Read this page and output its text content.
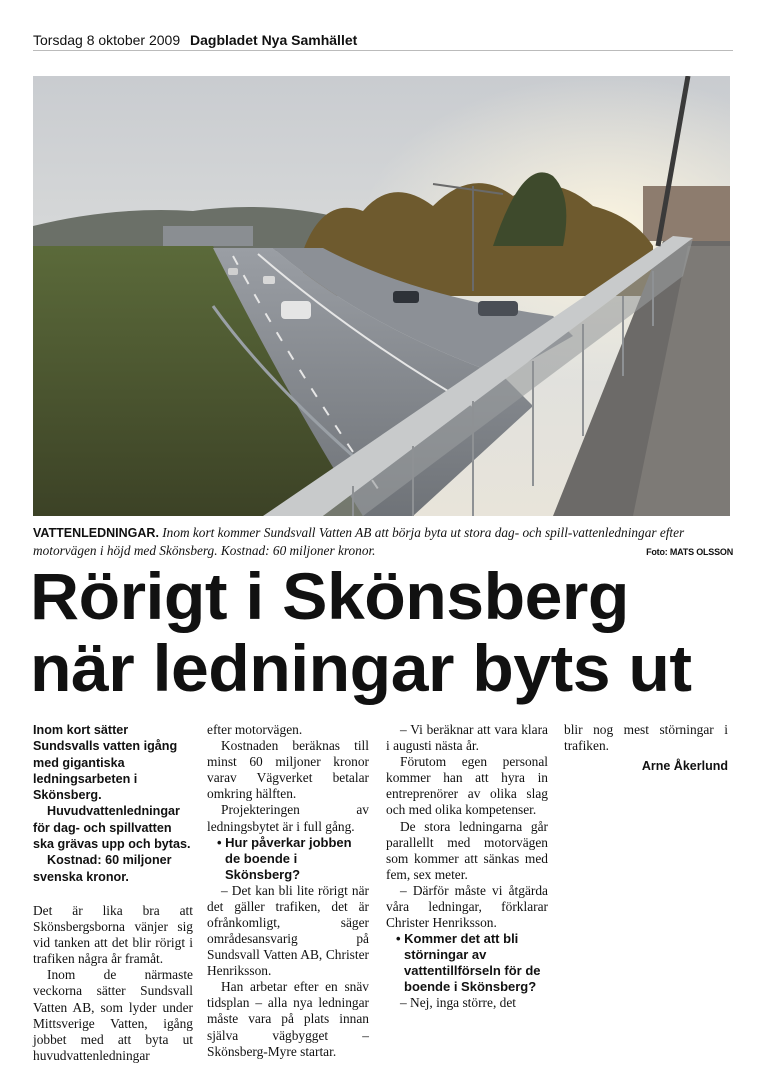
Torsdag 8 oktober 2009 Dagbladet Nya Samhället
VATTENLEDNINGAR. Inom kort kommer Sundsvall Vatten AB att börja byta ut stora dag- och spill-vattenledningar efter motorvägen i höjd med Skönsberg. Kostnad: 60 miljoner kronor.	Foto: MATS OLSSON
Rörigt i Skönsberg
när ledningar byts ut

Inom kort sätter Sundsvalls vatten igång med gigantiska ledningsarbeten i Skönsberg.

Huvudvattenledningar för dag- och spillvatten ska grävas upp och bytas.

Kostnad: 60 miljoner svenska kronor.

Det är lika bra att Skönsbergsborna vänjer sig vid tanken att det blir rörigt i trafiken några år framåt.

Inom de närmaste veckorna sätter Sundsvall Vatten AB, som lyder under Mittsverige Vatten, igång jobbet med att byta ut huvudvattenledningar

efter motorvägen.

Kostnaden beräknas till minst 60 miljoner kronor varav Vägverket betalar omkring hälften.

Projekteringen av ledningsbytet är i full gång.

• Hur påverkar jobben de boende i Skönsberg?

– Det kan bli lite rörigt när det gäller trafiken, det är ofrånkomligt, säger områdesansvarig på Sundsvall Vatten AB, Christer Henriksson.

Han arbetar efter en snäv tidsplan – alla nya ledningar måste vara på plats innan själva vägbygget – Skönsberg-Myre startar.

– Vi beräknar att vara klara i augusti nästa år.

Förutom egen personal kommer han att hyra in entreprenörer av olika slag och med olika kompetenser.

De stora ledningarna går parallellt med motorvägen som kommer att sänkas med fem, sex meter.

– Därför måste vi åtgärda våra ledningar, förklarar Christer Henriksson.

• Kommer det att bli störningar av vattentillförseln för de boende i Skönsberg?

– Nej, inga större, det

blir nog mest störningar i trafiken.

Arne Åkerlund
